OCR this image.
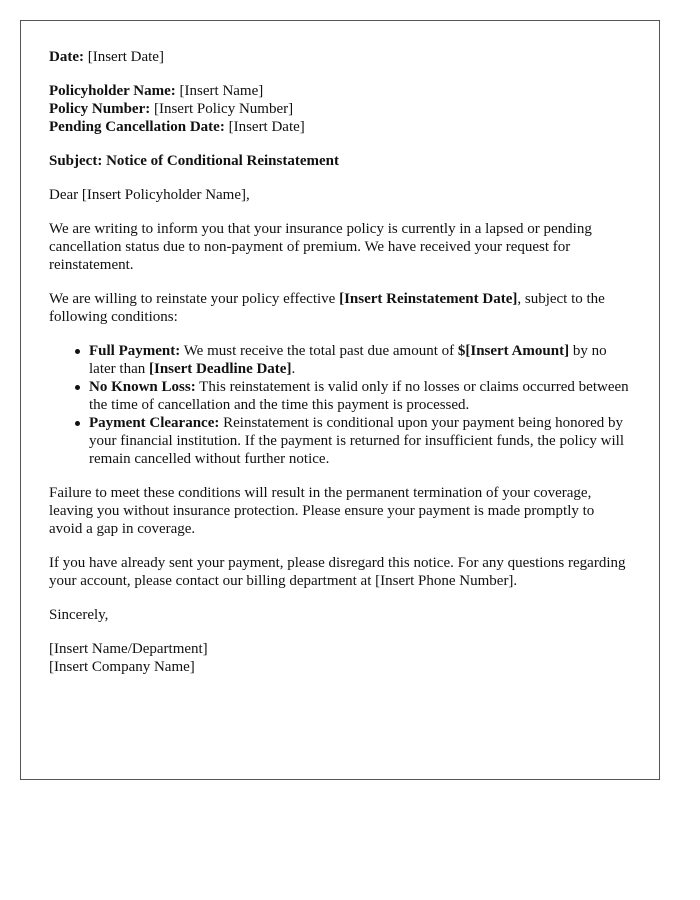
Date: [Insert Date]

Policyholder Name: [Insert Name]
Policy Number: [Insert Policy Number]
Pending Cancellation Date: [Insert Date]

Subject: Notice of Conditional Reinstatement

Dear [Insert Policyholder Name],

We are writing to inform you that your insurance policy is currently in a lapsed or pending cancellation status due to non-payment of premium. We have received your request for reinstatement.

We are willing to reinstate your policy effective [Insert Reinstatement Date], subject to the following conditions:

Full Payment: We must receive the total past due amount of $[Insert Amount] by no later than [Insert Deadline Date].
No Known Loss: This reinstatement is valid only if no losses or claims occurred between the time of cancellation and the time this payment is processed.
Payment Clearance: Reinstatement is conditional upon your payment being honored by your financial institution. If the payment is returned for insufficient funds, the policy will remain cancelled without further notice.

Failure to meet these conditions will result in the permanent termination of your coverage, leaving you without insurance protection. Please ensure your payment is made promptly to avoid a gap in coverage.

If you have already sent your payment, please disregard this notice. For any questions regarding your account, please contact our billing department at [Insert Phone Number].

Sincerely,

[Insert Name/Department]
[Insert Company Name]
